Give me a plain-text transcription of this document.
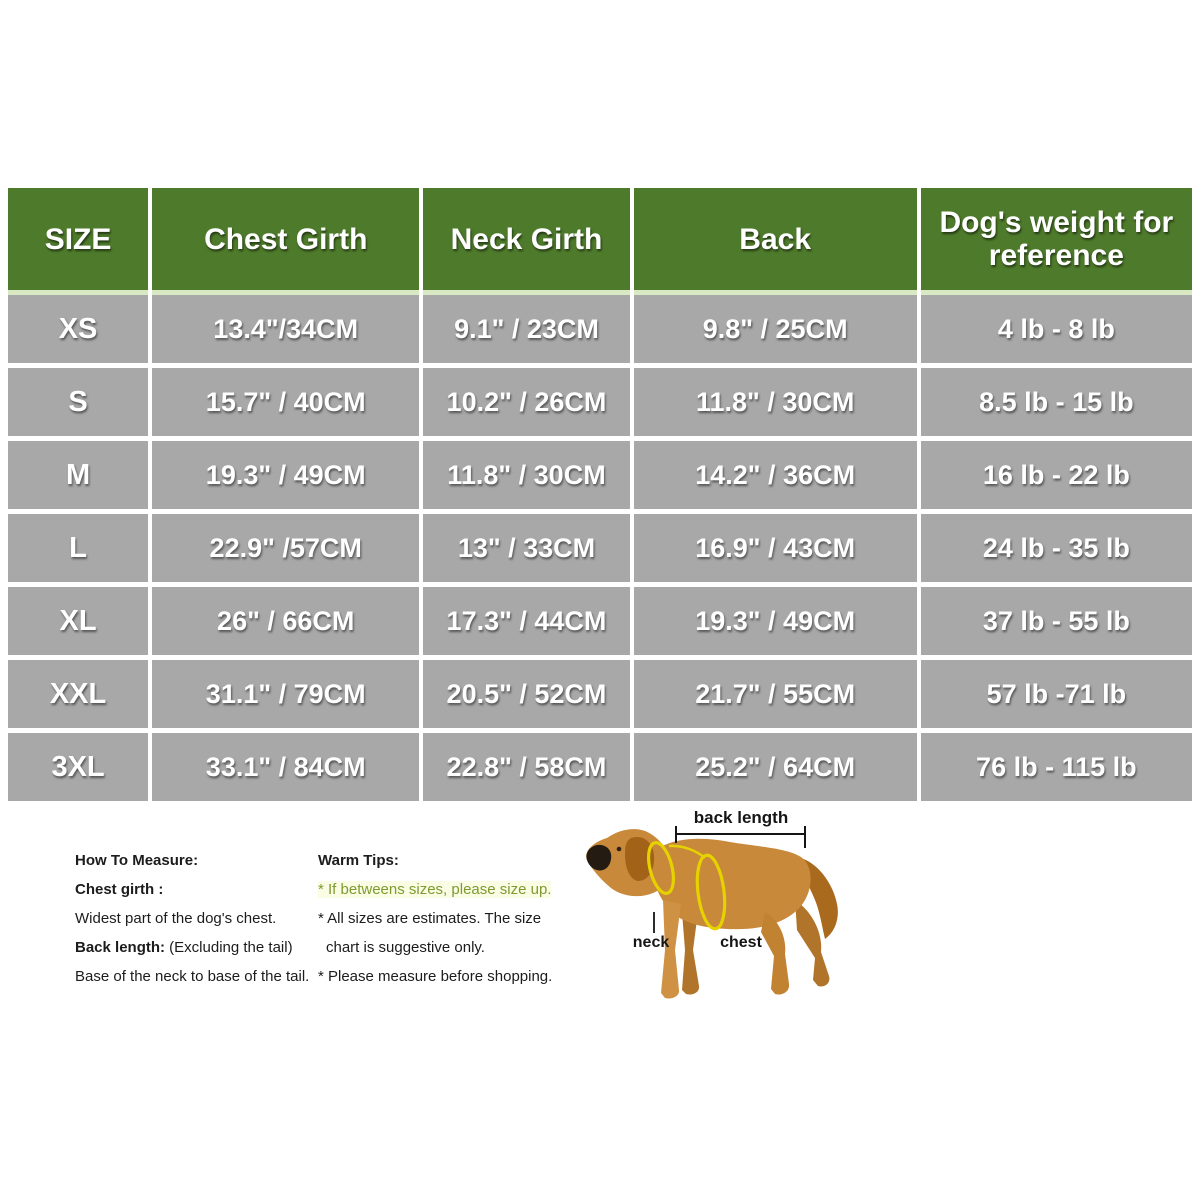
SIZE	Chest Girth	Neck Girth	Back	Dog's weight for reference
XS	13.4"/34CM	9.1" / 23CM	9.8" / 25CM	4 lb - 8 lb
S	15.7" / 40CM	10.2" / 26CM	11.8" / 30CM	8.5 lb - 15 lb
M	19.3" / 49CM	11.8" / 30CM	14.2" / 36CM	16 lb - 22 lb
L	22.9" /57CM	13" / 33CM	16.9" / 43CM	24 lb - 35 lb
XL	26" / 66CM	17.3" / 44CM	19.3" / 49CM	37 lb - 55 lb
XXL	31.1" / 79CM	20.5" / 52CM	21.7" / 55CM	57 lb -71 lb
3XL	33.1" / 84CM	22.8" / 58CM	25.2" / 64CM	76 lb - 115 lb
How To Measure:
Chest girth :
Widest part of the dog's chest.
Back length: (Excluding the tail)
Base of the neck to base of the tail.
Warm Tips:
* If betweens sizes, please size up.
* All sizes are estimates. The size
chart is suggestive only.
* Please measure before shopping.
back length
neck	chest
